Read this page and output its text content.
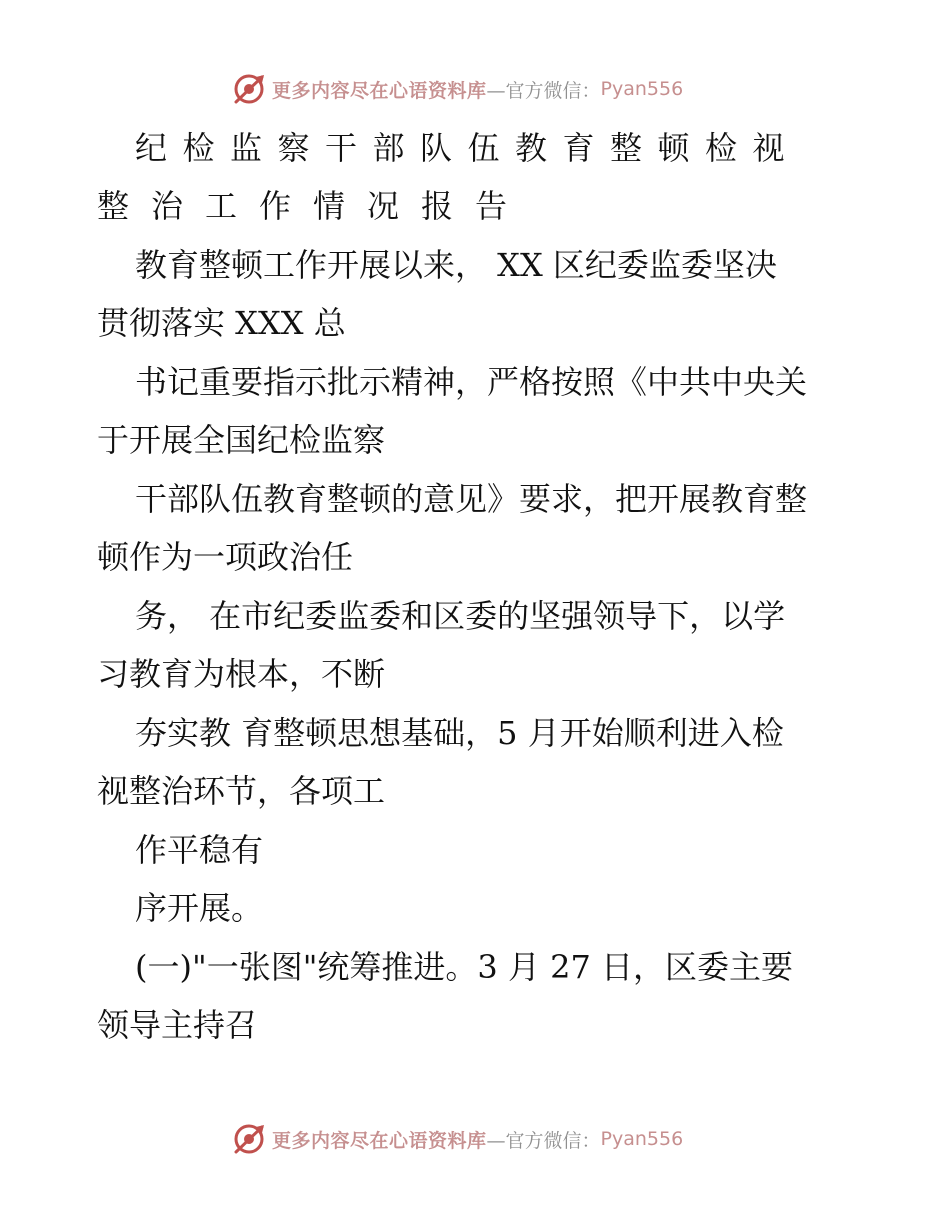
更多内容尽在心语资料库 —官方微信： Pyan556
纪检监察干部队伍教育整顿检视
整治工作情况报告

教育整顿工作开展以来， XX 区纪委监委坚决

贯彻落实 XXX 总

书记重要指示批示精神，严格按照《中共中央关

于开展全国纪检监察

干部队伍教育整顿的意见》要求，把开展教育整

顿作为一项政治任

务， 在市纪委监委和区委的坚强领导下，以学

习教育为根本，不断

夯实教 育整顿思想基础，5 月开始顺利进入检

视整治环节，各项工

作平稳有

序开展。

(一)"一张图"统筹推进。3 月 27 日，区委主要

领导主持召

更多内容尽在心语资料库 —官方微信： Pyan556
